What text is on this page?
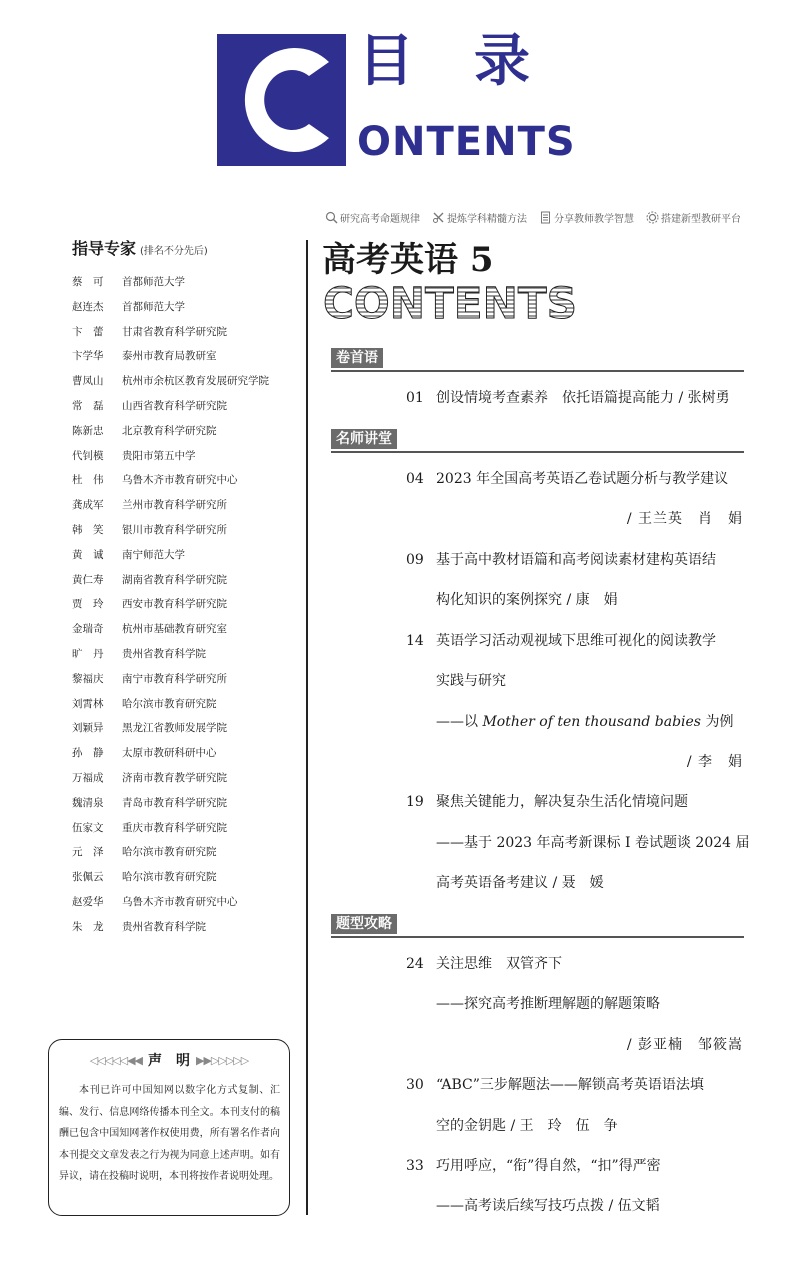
目录
ONTENTS
研究高考命题规律	提炼学科精髓方法	分享教师教学智慧	搭建新型教研平台
指导专家 (排名不分先后)
蔡　可	首都师范大学
赵连杰	首都师范大学
卞　蕾	甘肃省教育科学研究院
卞学华	泰州市教育局教研室
曹凤山	杭州市余杭区教育发展研究学院
常　磊	山西省教育科学研究院
陈新忠	北京教育科学研究院
代钊模	贵阳市第五中学
杜　伟	乌鲁木齐市教育研究中心
龚成军	兰州市教育科学研究所
韩　笑	银川市教育科学研究所
黄　诚	南宁师范大学
黄仁寿	湖南省教育科学研究院
贾　玲	西安市教育科学研究院
金瑞奇	杭州市基础教育研究室
旷　丹	贵州省教育科学院
黎福庆	南宁市教育科学研究所
刘霄林	哈尔滨市教育研究院
刘颖异	黑龙江省教师发展学院
孙　静	太原市教研科研中心
万福成	济南市教育教学研究院
魏清泉	青岛市教育科学研究院
伍家文	重庆市教育科学研究院
元　泽	哈尔滨市教育研究院
张佩云	哈尔滨市教育研究院
赵爱华	乌鲁木齐市教育研究中心
朱　龙	贵州省教育科学院
◁◁◁◁◁◀◀ 声　明 ▶▶▷▷▷▷▷
本刊已许可中国知网以数字化方式复制、汇编、发行、信息网络传播本刊全文。本刊支付的稿酬已包含中国知网著作权使用费，所有署名作者向本刊提交文章发表之行为视为同意上述声明。如有异议，请在投稿时说明，本刊将按作者说明处理。
高考英语 5
CONTENTS
卷首语
01 创设情境考查素养　依托语篇提高能力 / 张树勇
名师讲堂
04 2023 年全国高考英语乙卷试题分析与教学建议
/ 王兰英　肖　娟
09 基于高中教材语篇和高考阅读素材建构英语结
构化知识的案例探究 / 康　娟
14 英语学习活动观视域下思维可视化的阅读教学
实践与研究
——以 Mother of ten thousand babies 为例
/ 李　娟
19 聚焦关键能力，解决复杂生活化情境问题
——基于 2023 年高考新课标 Ⅰ 卷试题谈 2024 届
高考英语备考建议 / 聂　媛
题型攻略
24 关注思维　双管齐下
——探究高考推断理解题的解题策略
/ 彭亚楠　邹筱嵩
30 “ABC”三步解题法——解锁高考英语语法填
空的金钥匙 / 王　玲　伍　争
33 巧用呼应，“衔”得自然，“扣”得严密
——高考读后续写技巧点拨 / 伍文韬
